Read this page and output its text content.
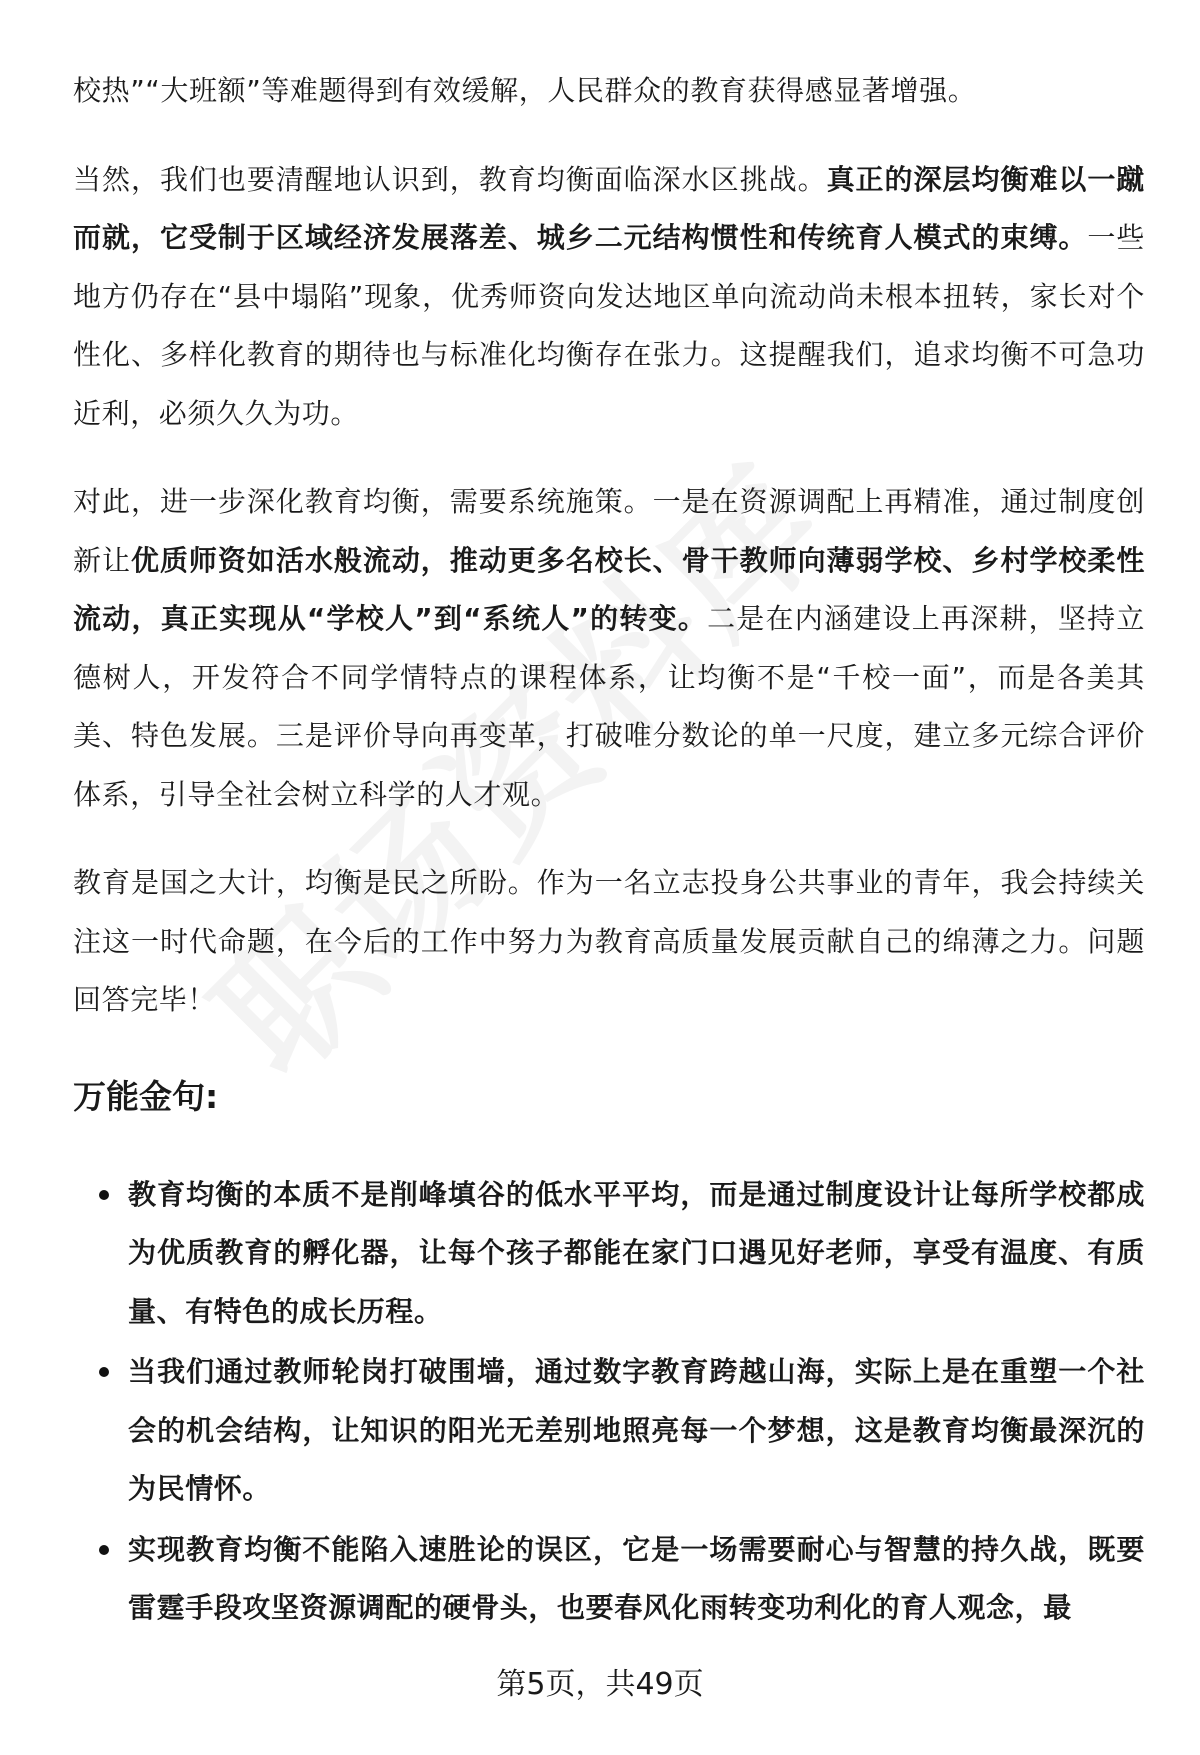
校热”“大班额”等难题得到有效缓解，人民群众的教育获得感显著增强。

当然，我们也要清醒地认识到，教育均衡面临深水区挑战。真正的深层均衡难以一蹴而就，它受制于区域经济发展落差、城乡二元结构惯性和传统育人模式的束缚。一些地方仍存在“县中塌陷”现象，优秀师资向发达地区单向流动尚未根本扭转，家长对个性化、多样化教育的期待也与标准化均衡存在张力。这提醒我们，追求均衡不可急功近利，必须久久为功。

对此，进一步深化教育均衡，需要系统施策。一是在资源调配上再精准，通过制度创新让优质师资如活水般流动，推动更多名校长、骨干教师向薄弱学校、乡村学校柔性流动，真正实现从“学校人”到“系统人”的转变。二是在内涵建设上再深耕，坚持立德树人，开发符合不同学情特点的课程体系，让均衡不是“千校一面”，而是各美其美、特色发展。三是评价导向再变革，打破唯分数论的单一尺度，建立多元综合评价体系，引导全社会树立科学的人才观。

教育是国之大计，均衡是民之所盼。作为一名立志投身公共事业的青年，我会持续关注这一时代命题，在今后的工作中努力为教育高质量发展贡献自己的绵薄之力。问题回答完毕！

万能金句:
教育均衡的本质不是削峰填谷的低水平平均，而是通过制度设计让每所学校都成为优质教育的孵化器，让每个孩子都能在家门口遇见好老师，享受有温度、有质量、有特色的成长历程。
当我们通过教师轮岗打破围墙，通过数字教育跨越山海，实际上是在重塑一个社会的机会结构，让知识的阳光无差别地照亮每一个梦想，这是教育均衡最深沉的为民情怀。
实现教育均衡不能陷入速胜论的误区，它是一场需要耐心与智慧的持久战，既要雷霆手段攻坚资源调配的硬骨头，也要春风化雨转变功利化的育人观念，最
第5页，共49页
